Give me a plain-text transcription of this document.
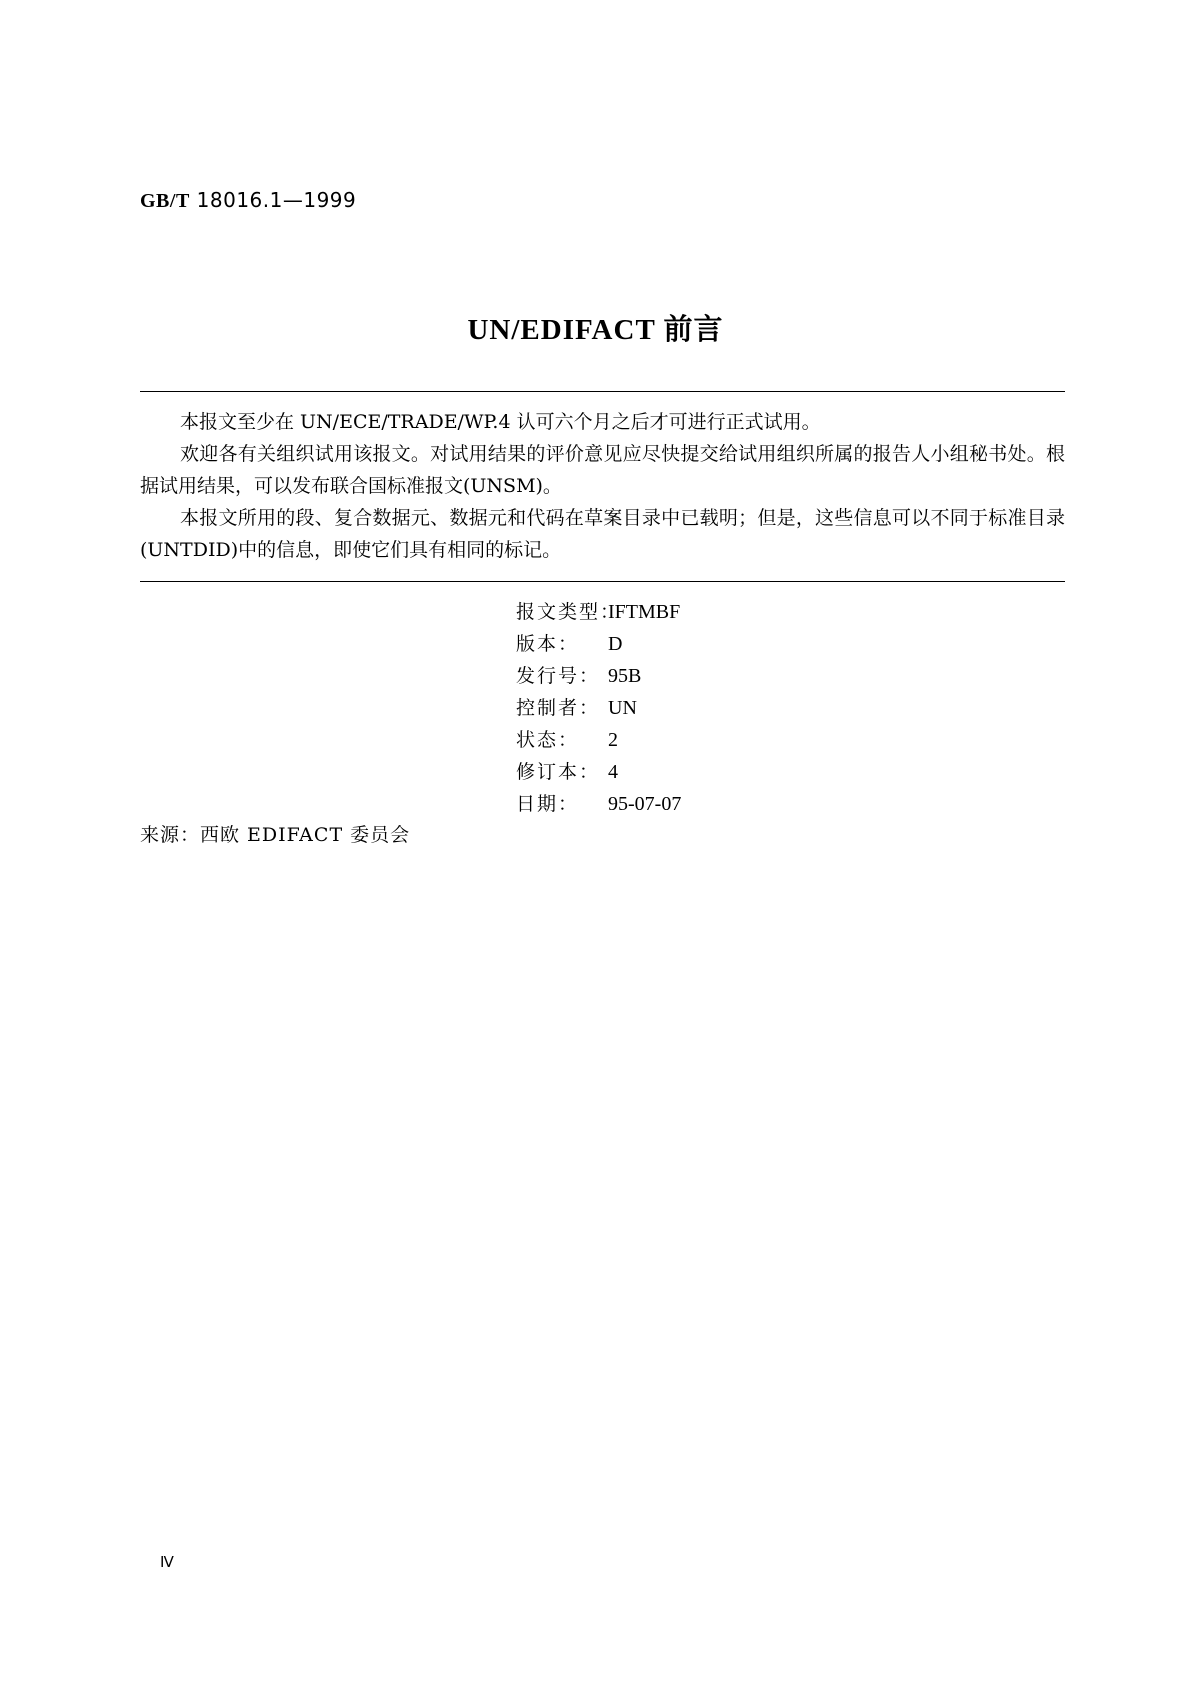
GB/T 18016.1—1999
UN/EDIFACT 前言

本报文至少在 UN/ECE/TRADE/WP.4 认可六个月之后才可进行正式试用。

欢迎各有关组织试用该报文。对试用结果的评价意见应尽快提交给试用组织所属的报告人小组秘书处。根据试用结果，可以发布联合国标准报文(UNSM)。

本报文所用的段、复合数据元、数据元和代码在草案目录中已载明；但是，这些信息可以不同于标准目录(UNTDID)中的信息，即使它们具有相同的标记。

报文类型：IFTMBF
版本： D
发行号： 95B
控制者： UN
状态： 2
修订本： 4
日期： 95-07-07
来源：西欧 EDIFACT 委员会
Ⅳ
